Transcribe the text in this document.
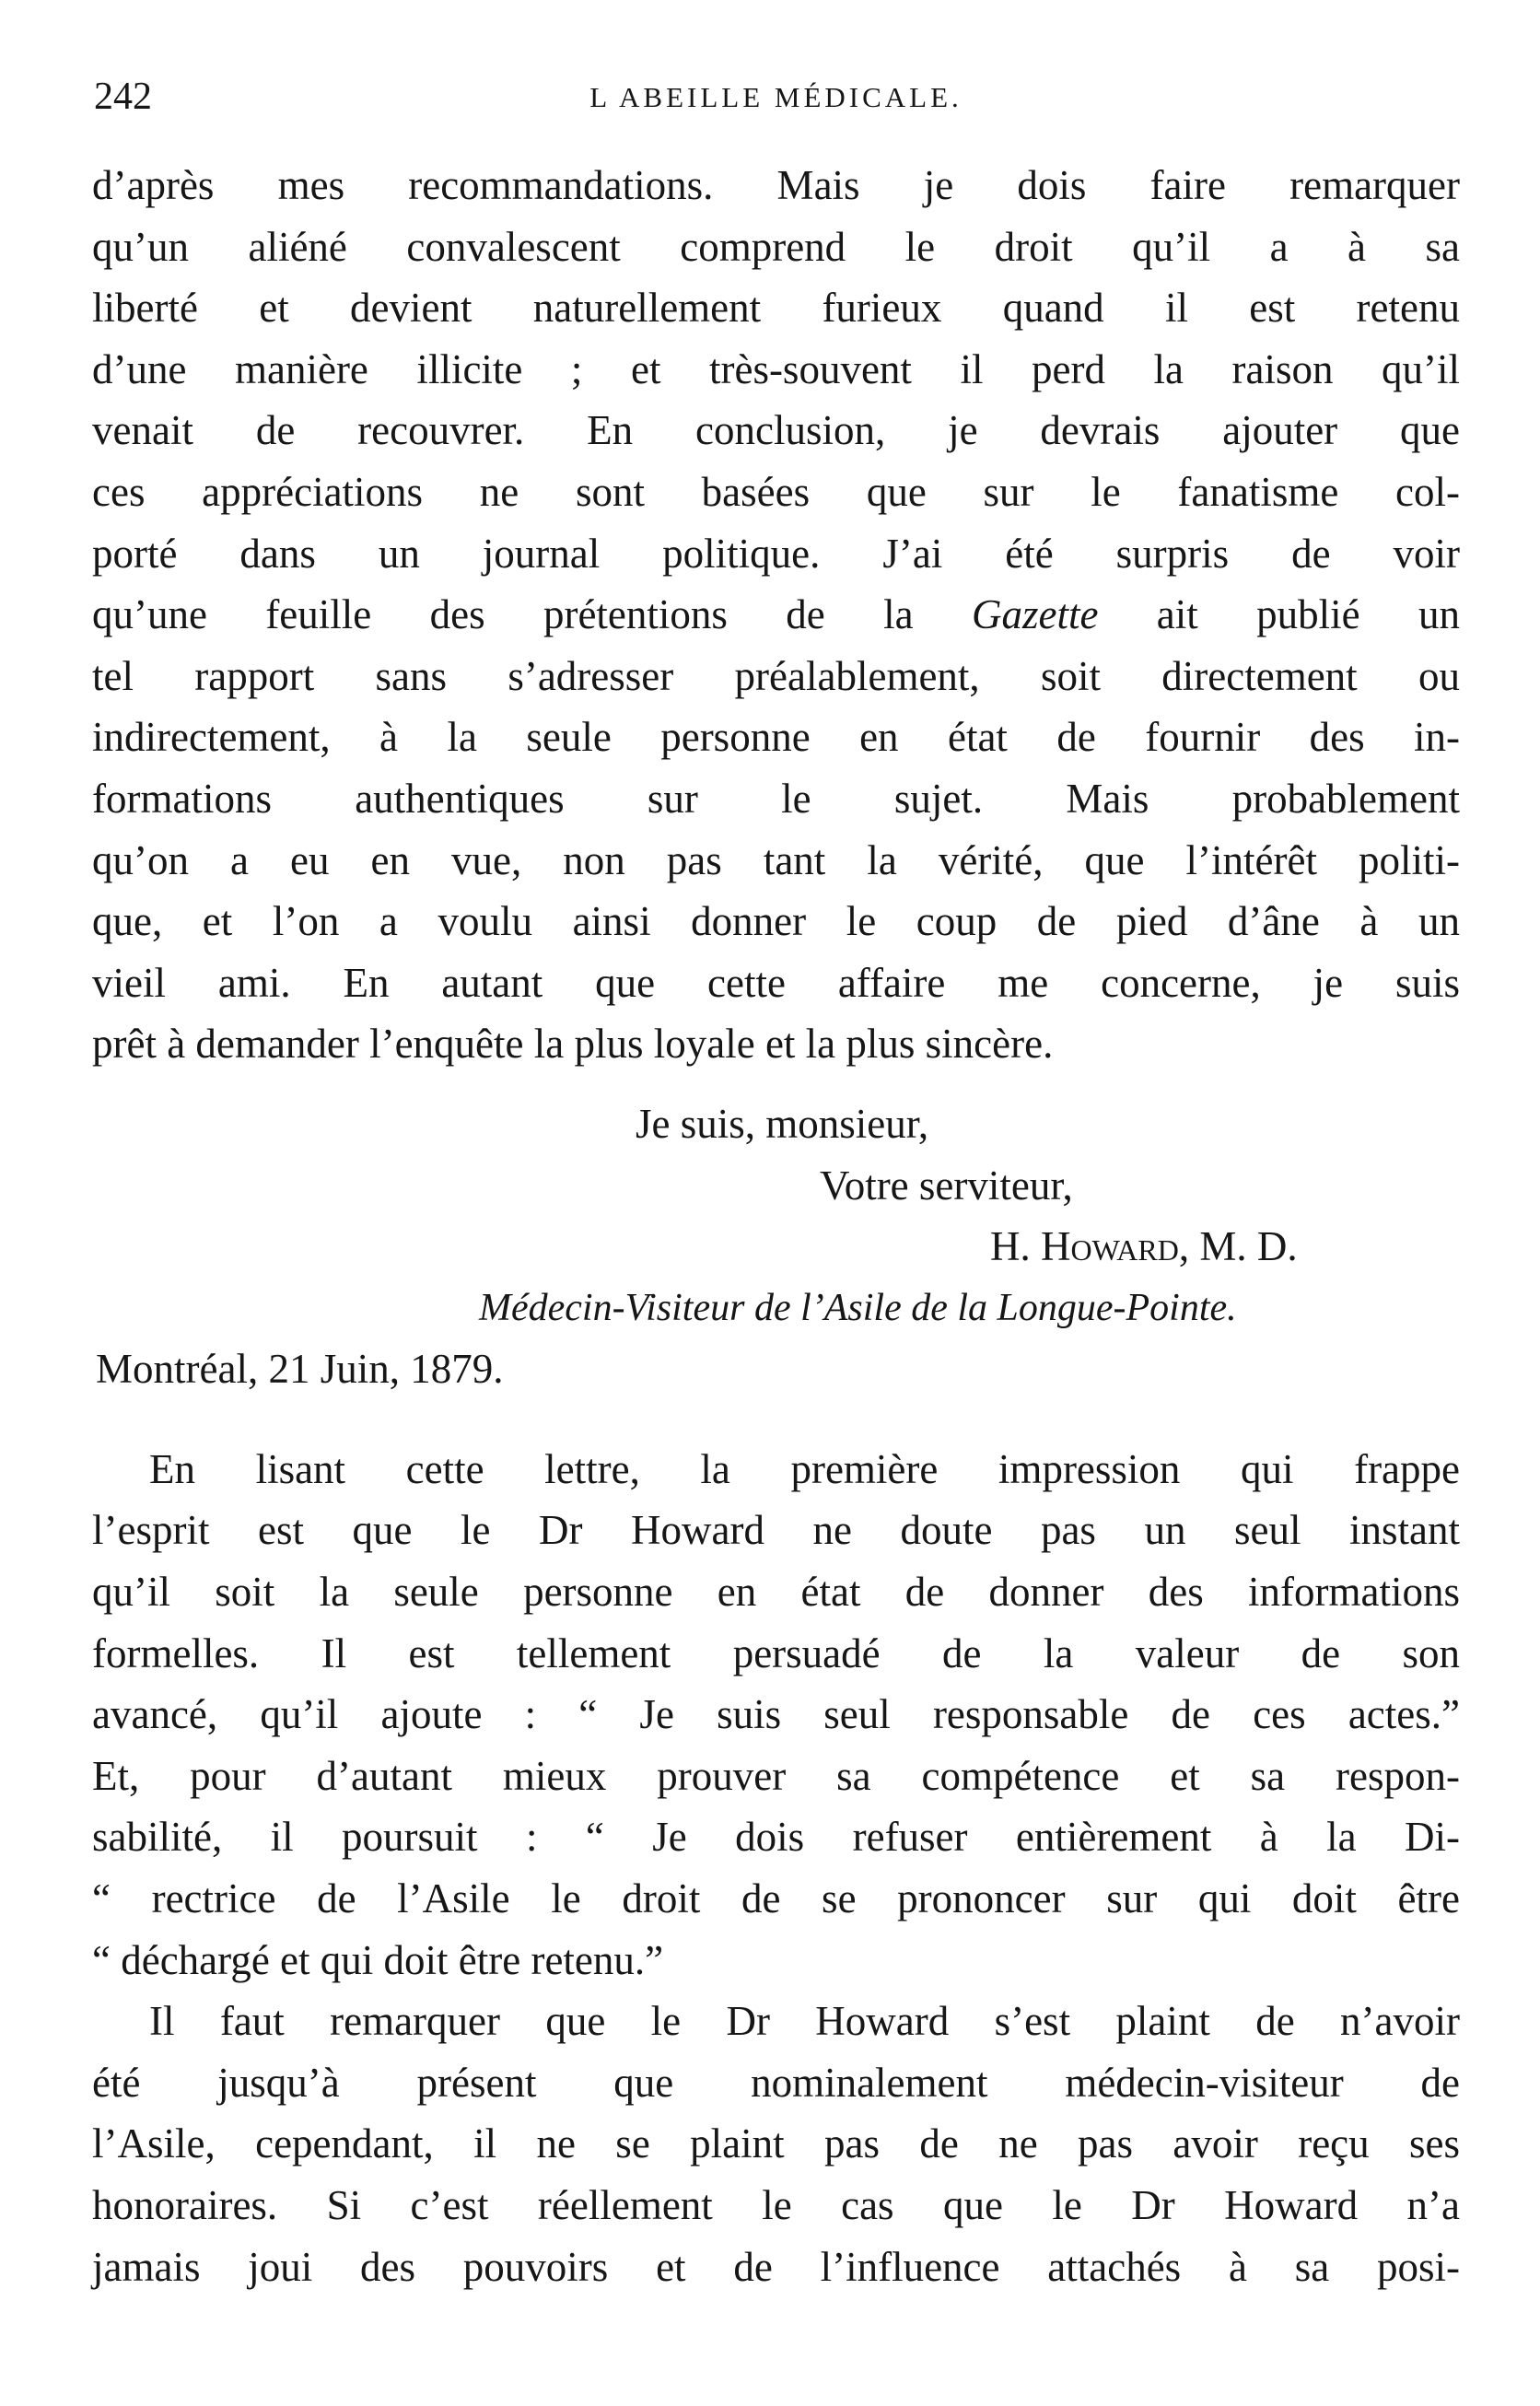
242	L ABEILLE MÉDICALE.

d’après mes recommandations. Mais je dois faire remarquer
qu’un aliéné convalescent comprend le droit qu’il a à sa
liberté et devient naturellement furieux quand il est retenu
d’une manière illicite ; et très-souvent il perd la raison qu’il
venait de recouvrer. En conclusion, je devrais ajouter que
ces appréciations ne sont basées que sur le fanatisme col-
porté dans un journal politique. J’ai été surpris de voir
qu’une feuille des prétentions de la Gazette ait publié un
tel rapport sans s’adresser préalablement, soit directement ou
indirectement, à la seule personne en état de fournir des in-
formations authentiques sur le sujet. Mais probablement
qu’on a eu en vue, non pas tant la vérité, que l’intérêt politi-
que, et l’on a voulu ainsi donner le coup de pied d’âne à un
vieil ami. En autant que cette affaire me concerne, je suis
prêt à demander l’enquête la plus loyale et la plus sincère.

Je suis, monsieur,
Votre serviteur,
H. Howard, M. D.
Médecin-Visiteur de l’Asile de la Longue-Pointe.
Montréal, 21 Juin, 1879.

En lisant cette lettre, la première impression qui frappe
l’esprit est que le Dr Howard ne doute pas un seul instant
qu’il soit la seule personne en état de donner des informations
formelles. Il est tellement persuadé de la valeur de son
avancé, qu’il ajoute : “ Je suis seul responsable de ces actes.”
Et, pour d’autant mieux prouver sa compétence et sa respon-
sabilité, il poursuit : “ Je dois refuser entièrement à la Di-
“ rectrice de l’Asile le droit de se prononcer sur qui doit être
“ déchargé et qui doit être retenu.”

Il faut remarquer que le Dr Howard s’est plaint de n’avoir
été jusqu’à présent que nominalement médecin-visiteur de
l’Asile, cependant, il ne se plaint pas de ne pas avoir reçu ses
honoraires. Si c’est réellement le cas que le Dr Howard n’a
jamais joui des pouvoirs et de l’influence attachés à sa posi-
